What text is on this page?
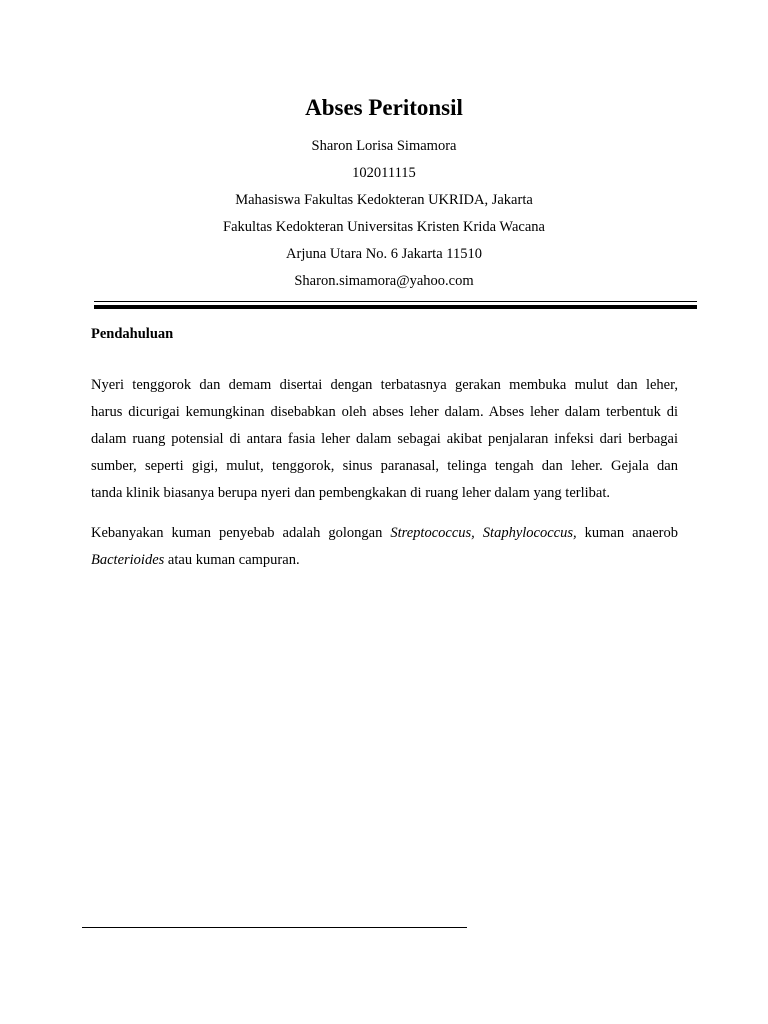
Abses Peritonsil
Sharon Lorisa Simamora
102011115
Mahasiswa Fakultas Kedokteran UKRIDA, Jakarta
Fakultas Kedokteran Universitas Kristen Krida Wacana
Arjuna Utara No. 6 Jakarta 11510
Sharon.simamora@yahoo.com
Pendahuluan
Nyeri tenggorok dan demam disertai dengan terbatasnya gerakan membuka mulut dan leher,
harus dicurigai kemungkinan disebabkan oleh abses leher dalam. Abses leher dalam terbentuk di
dalam ruang potensial di antara fasia leher dalam sebagai akibat penjalaran infeksi dari berbagai
sumber, seperti gigi, mulut, tenggorok, sinus paranasal, telinga tengah dan leher. Gejala dan
tanda klinik biasanya berupa nyeri dan pembengkakan di ruang leher dalam yang terlibat.
Kebanyakan kuman penyebab adalah golongan Streptococcus, Staphylococcus, kuman anaerob
Bacterioides atau kuman campuran.
